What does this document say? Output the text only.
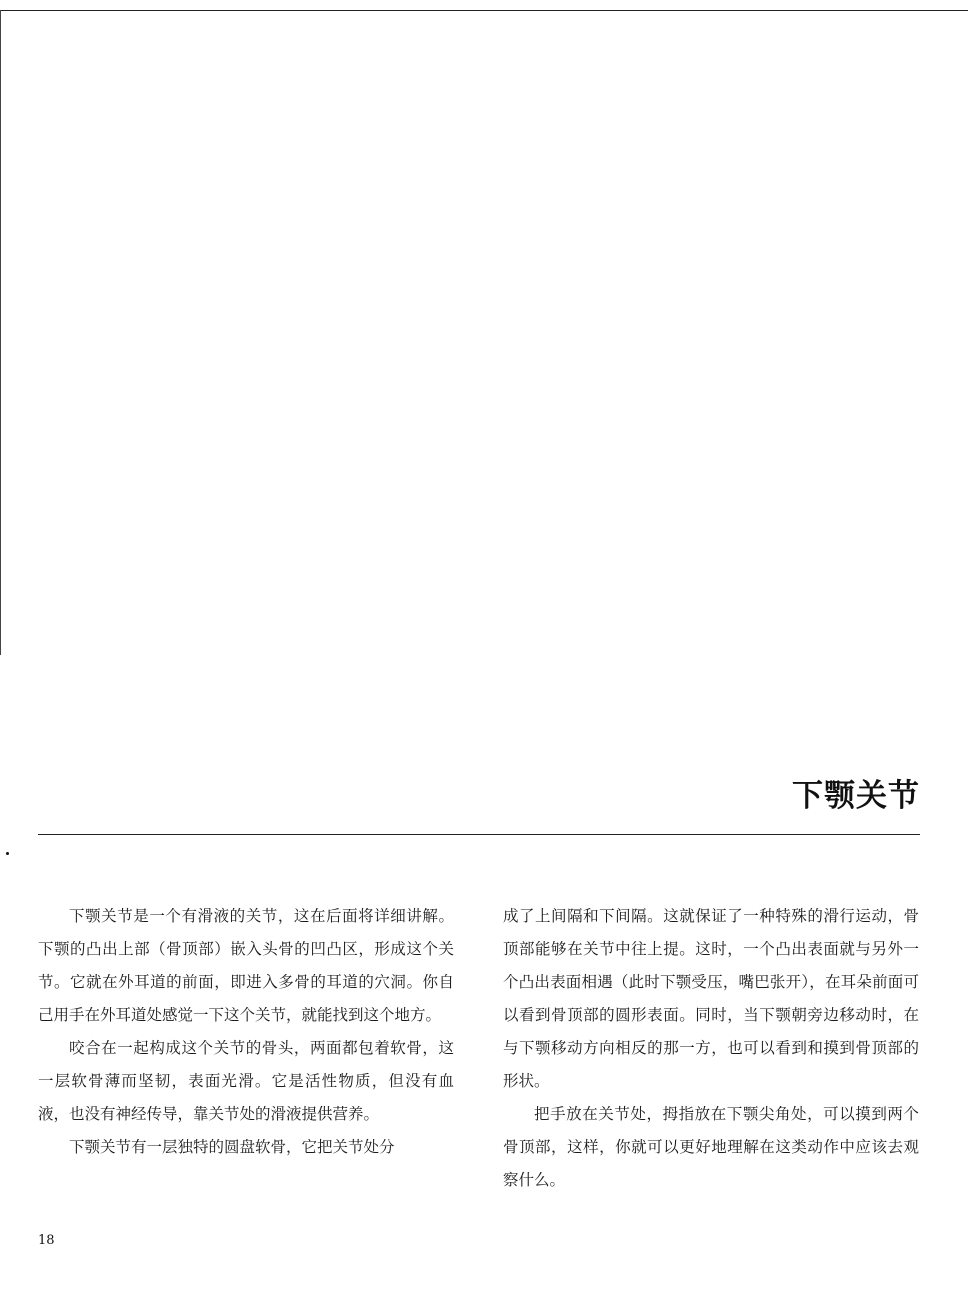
下颚关节

下颚关节是一个有滑液的关节，这在后面将详细讲解。下颚的凸出上部（骨顶部）嵌入头骨的凹凸区，形成这个关节。它就在外耳道的前面，即进入多骨的耳道的穴洞。你自己用手在外耳道处感觉一下这个关节，就能找到这个地方。

咬合在一起构成这个关节的骨头，两面都包着软骨，这一层软骨薄而坚韧，表面光滑。它是活性物质，但没有血液，也没有神经传导，靠关节处的滑液提供营养。

下颚关节有一层独特的圆盘软骨，它把关节处分

成了上间隔和下间隔。这就保证了一种特殊的滑行运动，骨顶部能够在关节中往上提。这时，一个凸出表面就与另外一个凸出表面相遇（此时下颚受压，嘴巴张开），在耳朵前面可以看到骨顶部的圆形表面。同时，当下颚朝旁边移动时，在与下颚移动方向相反的那一方，也可以看到和摸到骨顶部的形状。

把手放在关节处，拇指放在下颚尖角处，可以摸到两个骨顶部，这样，你就可以更好地理解在这类动作中应该去观察什么。

18
